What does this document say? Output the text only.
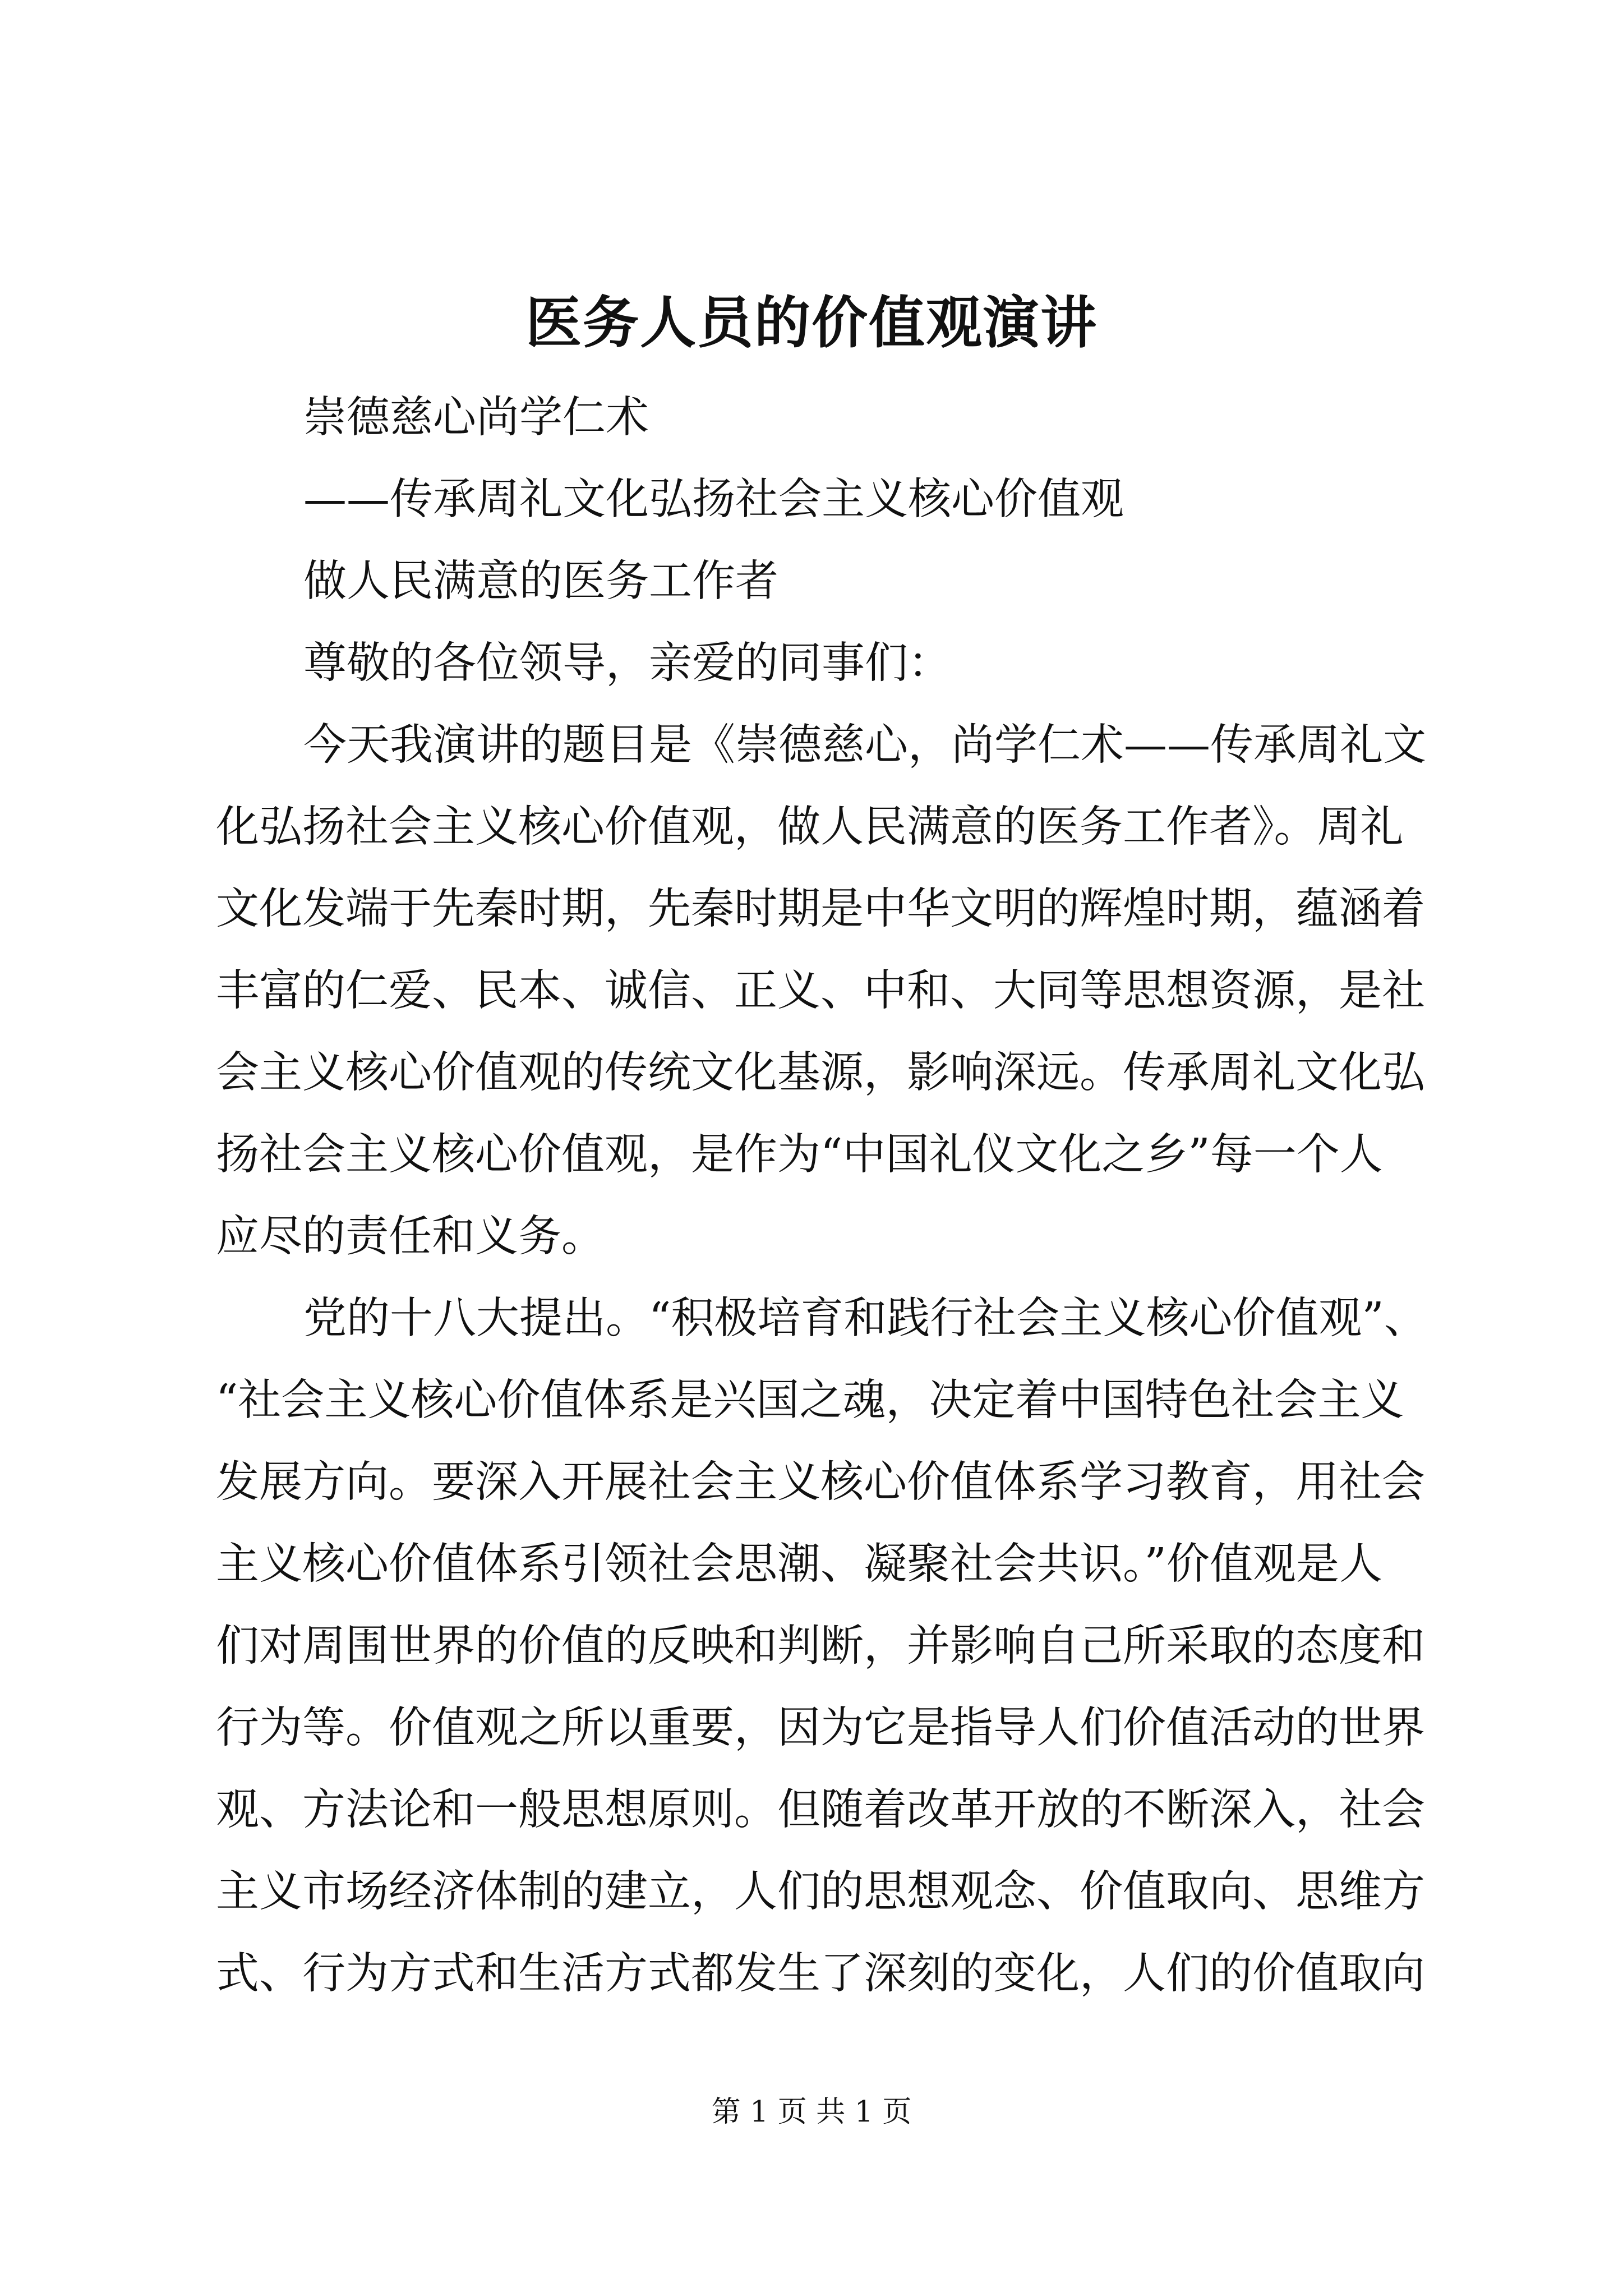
医务人员的价值观演讲
崇德慈心尚学仁术
——传承周礼文化弘扬社会主义核心价值观
做人民满意的医务工作者
尊敬的各位领导，亲爱的同事们：
今天我演讲的题目是《崇德慈心，尚学仁术——传承周礼文
化弘扬社会主义核心价值观，做人民满意的医务工作者》。周礼
文化发端于先秦时期，先秦时期是中华文明的辉煌时期，蕴涵着
丰富的仁爱、民本、诚信、正义、中和、大同等思想资源，是社
会主义核心价值观的传统文化基源，影响深远。传承周礼文化弘
扬社会主义核心价值观，是作为“中国礼仪文化之乡”每一个人
应尽的责任和义务。
党的十八大提出。“积极培育和践行社会主义核心价值观”、
“社会主义核心价值体系是兴国之魂，决定着中国特色社会主义
发展方向。要深入开展社会主义核心价值体系学习教育，用社会
主义核心价值体系引领社会思潮、凝聚社会共识。”价值观是人
们对周围世界的价值的反映和判断，并影响自己所采取的态度和
行为等。价值观之所以重要，因为它是指导人们价值活动的世界
观、方法论和一般思想原则。但随着改革开放的不断深入，社会
主义市场经济体制的建立，人们的思想观念、价值取向、思维方
式、行为方式和生活方式都发生了深刻的变化，人们的价值取向
第 1 页 共 1 页
